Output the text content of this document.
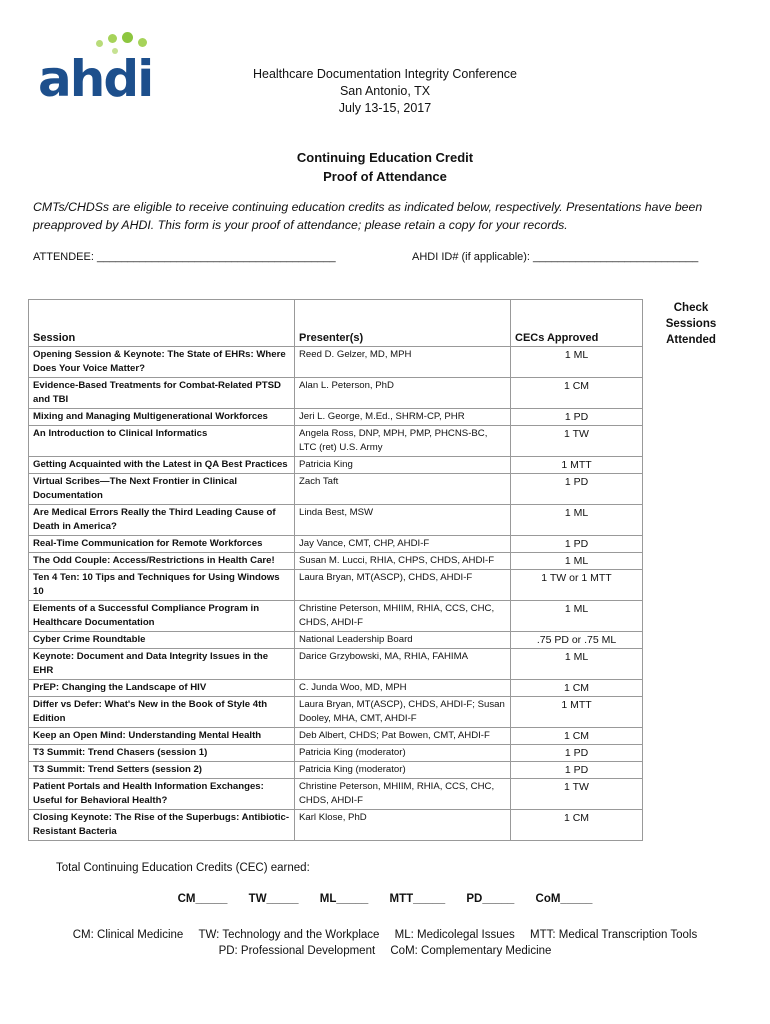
ahdi	Healthcare Documentation Integrity Conference
San Antonio, TX
July 13-15, 2017
Continuing Education Credit
Proof of Attendance
CMTs/CHDSs are eligible to receive continuing education credits as indicated below, respectively. Presentations have been preapproved by AHDI. This form is your proof of attendance; please retain a copy for your records.
ATTENDEE: _______________________________________	AHDI ID# (if applicable): ___________________________
Session	Presenter(s)	CECs Approved
Opening Session & Keynote: The State of EHRs: Where Does Your Voice Matter?	Reed D. Gelzer, MD, MPH	1 ML
Evidence-Based Treatments for Combat-Related PTSD and TBI	Alan L. Peterson, PhD	1 CM
Mixing and Managing Multigenerational Workforces	Jeri L. George, M.Ed., SHRM-CP, PHR	1 PD
An Introduction to Clinical Informatics	Angela Ross, DNP, MPH, PMP, PHCNS-BC, LTC (ret) U.S. Army	1 TW
Getting Acquainted with the Latest in QA Best Practices	Patricia King	1 MTT
Virtual Scribes—The Next Frontier in Clinical Documentation	Zach Taft	1 PD
Are Medical Errors Really the Third Leading Cause of Death in America?	Linda Best, MSW	1 ML
Real-Time Communication for Remote Workforces	Jay Vance, CMT, CHP, AHDI-F	1 PD
The Odd Couple: Access/Restrictions in Health Care!	Susan M. Lucci, RHIA, CHPS, CHDS, AHDI-F	1 ML
Ten 4 Ten: 10 Tips and Techniques for Using Windows 10	Laura Bryan, MT(ASCP), CHDS, AHDI-F	1 TW or 1 MTT
Elements of a Successful Compliance Program in Healthcare Documentation	Christine Peterson, MHIIM, RHIA, CCS, CHC, CHDS, AHDI-F	1 ML
Cyber Crime Roundtable	National Leadership Board	.75 PD or .75 ML
Keynote: Document and Data Integrity Issues in the EHR	Darice Grzybowski, MA, RHIA, FAHIMA	1 ML
PrEP: Changing the Landscape of HIV	C. Junda Woo, MD, MPH	1 CM
Differ vs Defer: What's New in the Book of Style 4th Edition	Laura Bryan, MT(ASCP), CHDS, AHDI-F; Susan Dooley, MHA, CMT, AHDI-F	1 MTT
Keep an Open Mind: Understanding Mental Health	Deb Albert, CHDS; Pat Bowen, CMT, AHDI-F	1 CM
T3 Summit: Trend Chasers (session 1)	Patricia King (moderator)	1 PD
T3 Summit: Trend Setters (session 2)	Patricia King (moderator)	1 PD
Patient Portals and Health Information Exchanges: Useful for Behavioral Health?	Christine Peterson, MHIIM, RHIA, CCS, CHC, CHDS, AHDI-F	1 TW
Closing Keynote: The Rise of the Superbugs: Antibiotic-Resistant Bacteria	Karl Klose, PhD	1 CM
Check Sessions Attended
Total Continuing Education Credits (CEC) earned:
CM_____ TW_____ ML_____ MTT_____ PD_____ CoM_____
CM: Clinical Medicine TW: Technology and the Workplace ML: Medicolegal Issues MTT: Medical Transcription Tools
PD: Professional Development CoM: Complementary Medicine
